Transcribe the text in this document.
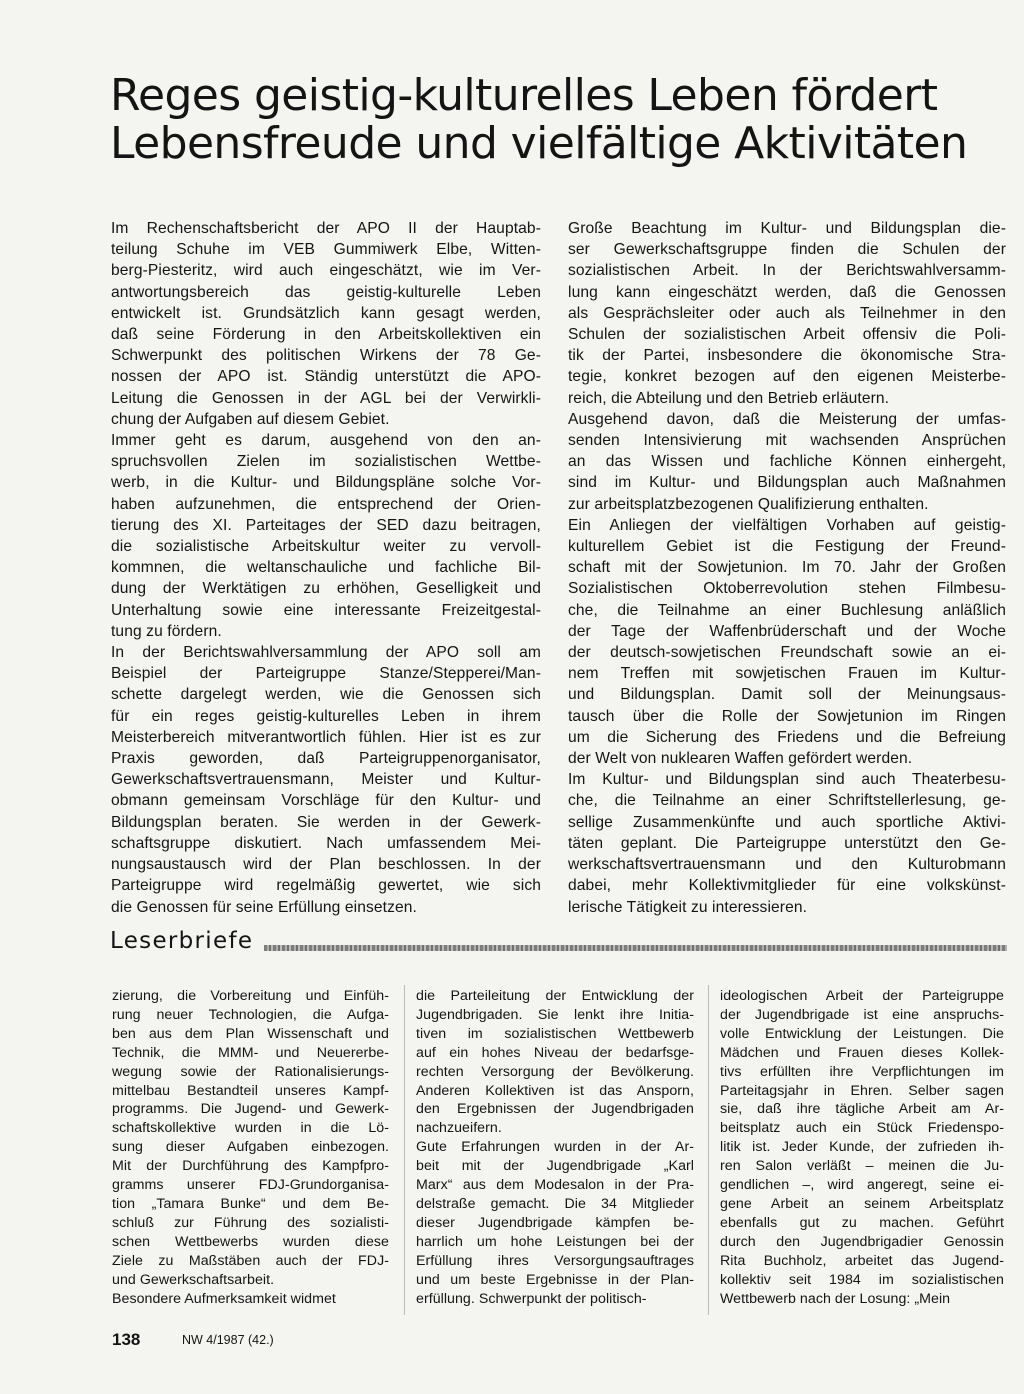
Reges geistig-kulturelles Leben fördert
Lebensfreude und vielfältige Aktivitäten
Im Rechenschaftsbericht der APO II der Hauptab-
teilung Schuhe im VEB Gummiwerk Elbe, Witten-
berg-Piesteritz, wird auch eingeschätzt, wie im Ver-
antwortungsbereich das geistig-kulturelle Leben
entwickelt ist. Grundsätzlich kann gesagt werden,
daß seine Förderung in den Arbeitskollektiven ein
Schwerpunkt des politischen Wirkens der 78 Ge-
nossen der APO ist. Ständig unterstützt die APO-
Leitung die Genossen in der AGL bei der Verwirkli-
chung der Aufgaben auf diesem Gebiet.
Immer geht es darum, ausgehend von den an-
spruchsvollen Zielen im sozialistischen Wettbe-
werb, in die Kultur- und Bildungspläne solche Vor-
haben aufzunehmen, die entsprechend der Orien-
tierung des XI. Parteitages der SED dazu beitragen,
die sozialistische Arbeitskultur weiter zu vervoll-
kommnen, die weltanschauliche und fachliche Bil-
dung der Werktätigen zu erhöhen, Geselligkeit und
Unterhaltung sowie eine interessante Freizeitgestal-
tung zu fördern.
In der Berichtswahlversammlung der APO soll am
Beispiel der Parteigruppe Stanze/Stepperei/Man-
schette dargelegt werden, wie die Genossen sich
für ein reges geistig-kulturelles Leben in ihrem
Meisterbereich mitverantwortlich fühlen. Hier ist es zur
Praxis geworden, daß Parteigruppenorganisator,
Gewerkschaftsvertrauensmann, Meister und Kultur-
obmann gemeinsam Vorschläge für den Kultur- und
Bildungsplan beraten. Sie werden in der Gewerk-
schaftsgruppe diskutiert. Nach umfassendem Mei-
nungsaustausch wird der Plan beschlossen. In der
Parteigruppe wird regelmäßig gewertet, wie sich
die Genossen für seine Erfüllung einsetzen.
Große Beachtung im Kultur- und Bildungsplan die-
ser Gewerkschaftsgruppe finden die Schulen der
sozialistischen Arbeit. In der Berichtswahlversamm-
lung kann eingeschätzt werden, daß die Genossen
als Gesprächsleiter oder auch als Teilnehmer in den
Schulen der sozialistischen Arbeit offensiv die Poli-
tik der Partei, insbesondere die ökonomische Stra-
tegie, konkret bezogen auf den eigenen Meisterbe-
reich, die Abteilung und den Betrieb erläutern.
Ausgehend davon, daß die Meisterung der umfas-
senden Intensivierung mit wachsenden Ansprüchen
an das Wissen und fachliche Können einhergeht,
sind im Kultur- und Bildungsplan auch Maßnahmen
zur arbeitsplatzbezogenen Qualifizierung enthalten.
Ein Anliegen der vielfältigen Vorhaben auf geistig-
kulturellem Gebiet ist die Festigung der Freund-
schaft mit der Sowjetunion. Im 70. Jahr der Großen
Sozialistischen Oktoberrevolution stehen Filmbesu-
che, die Teilnahme an einer Buchlesung anläßlich
der Tage der Waffenbrüderschaft und der Woche
der deutsch-sowjetischen Freundschaft sowie an ei-
nem Treffen mit sowjetischen Frauen im Kultur-
und Bildungsplan. Damit soll der Meinungsaus-
tausch über die Rolle der Sowjetunion im Ringen
um die Sicherung des Friedens und die Befreiung
der Welt von nuklearen Waffen gefördert werden.
Im Kultur- und Bildungsplan sind auch Theaterbesu-
che, die Teilnahme an einer Schriftstellerlesung, ge-
sellige Zusammenkünfte und auch sportliche Aktivi-
täten geplant. Die Parteigruppe unterstützt den Ge-
werkschaftsvertrauensmann und den Kulturobmann
dabei, mehr Kollektivmitglieder für eine volkskünst-
lerische Tätigkeit zu interessieren.
Leserbriefe
zierung, die Vorbereitung und Einfüh-
rung neuer Technologien, die Aufga-
ben aus dem Plan Wissenschaft und
Technik, die MMM- und Neuererbe-
wegung sowie der Rationalisierungs-
mittelbau Bestandteil unseres Kampf-
programms. Die Jugend- und Gewerk-
schaftskollektive wurden in die Lö-
sung dieser Aufgaben einbezogen.
Mit der Durchführung des Kampfpro-
gramms unserer FDJ-Grundorganisa-
tion „Tamara Bunke“ und dem Be-
schluß zur Führung des sozialisti-
schen Wettbewerbs wurden diese
Ziele zu Maßstäben auch der FDJ-
und Gewerkschaftsarbeit.
Besondere Aufmerksamkeit widmet
die Parteileitung der Entwicklung der
Jugendbrigaden. Sie lenkt ihre Initia-
tiven im sozialistischen Wettbewerb
auf ein hohes Niveau der bedarfsge-
rechten Versorgung der Bevölkerung.
Anderen Kollektiven ist das Ansporn,
den Ergebnissen der Jugendbrigaden
nachzueifern.
Gute Erfahrungen wurden in der Ar-
beit mit der Jugendbrigade „Karl
Marx“ aus dem Modesalon in der Pra-
delstraße gemacht. Die 34 Mitglieder
dieser Jugendbrigade kämpfen be-
harrlich um hohe Leistungen bei der
Erfüllung ihres Versorgungsauftrages
und um beste Ergebnisse in der Plan-
erfüllung. Schwerpunkt der politisch-
ideologischen Arbeit der Parteigruppe
der Jugendbrigade ist eine anspruchs-
volle Entwicklung der Leistungen. Die
Mädchen und Frauen dieses Kollek-
tivs erfüllten ihre Verpflichtungen im
Parteitagsjahr in Ehren. Selber sagen
sie, daß ihre tägliche Arbeit am Ar-
beitsplatz auch ein Stück Friedenspo-
litik ist. Jeder Kunde, der zufrieden ih-
ren Salon verläßt – meinen die Ju-
gendlichen –, wird angeregt, seine ei-
gene Arbeit an seinem Arbeitsplatz
ebenfalls gut zu machen. Geführt
durch den Jugendbrigadier Genossin
Rita Buchholz, arbeitet das Jugend-
kollektiv seit 1984 im sozialistischen
Wettbewerb nach der Losung: „Mein
138	NW 4/1987 (42.)
